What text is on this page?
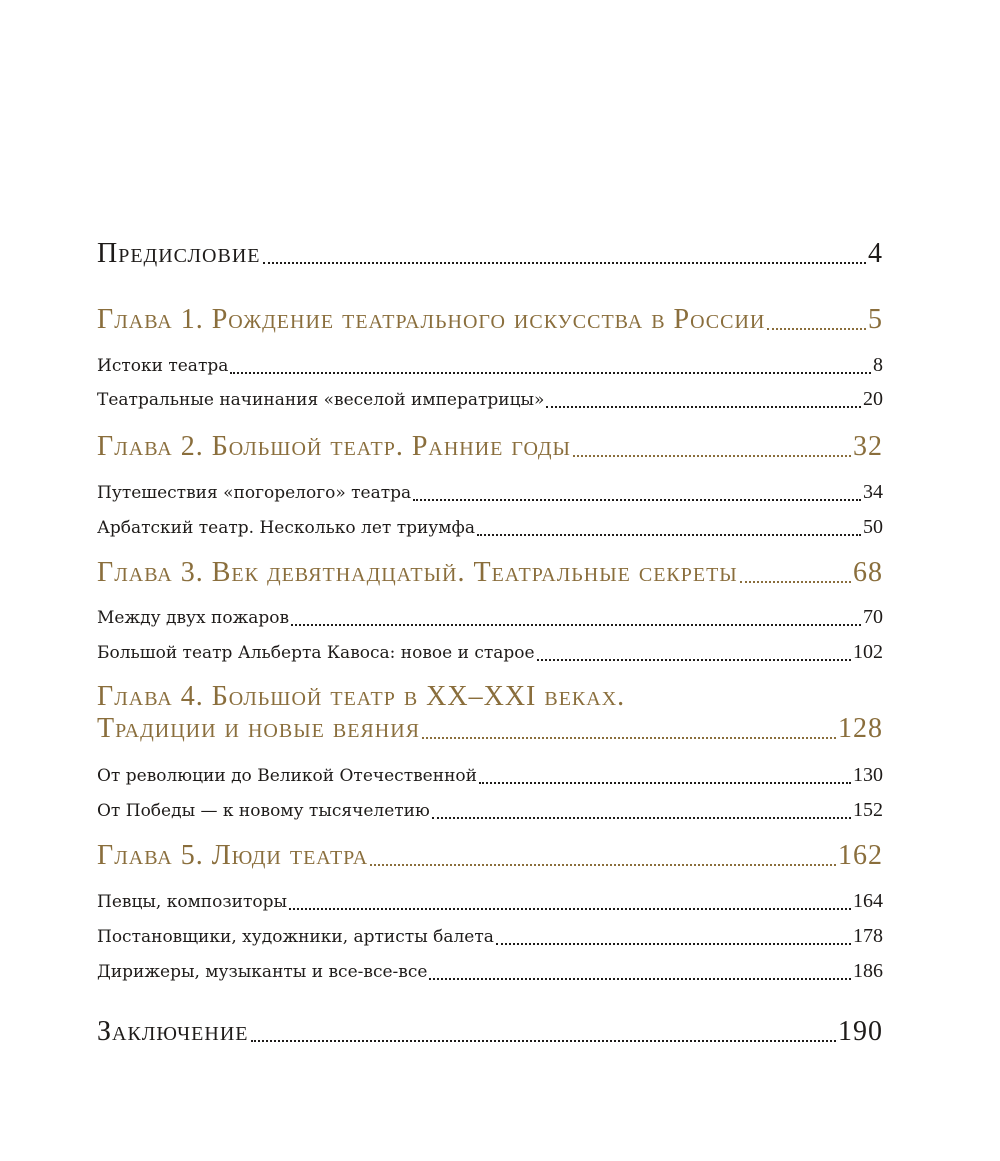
Предисловие	4
Глава 1. Рождение театрального искусства в России	5
Истоки театра	8
Театральные начинания «веселой императрицы»	20
Глава 2. Большой театр. Ранние годы	32
Путешествия «погорелого» театра	34
Арбатский театр. Несколько лет триумфа	50
Глава 3. Век девятнадцатый. Театральные секреты	68
Между двух пожаров	70
Большой театр Альберта Кавоса: новое и старое	102
Глава 4. Большой театр в XX–XXI веках.
Традиции и новые веяния	128
От революции до Великой Отечественной	130
От Победы — к новому тысячелетию	152
Глава 5. Люди театра	162
Певцы, композиторы	164
Постановщики, художники, артисты балета	178
Дирижеры, музыканты и все-все-все	186
Заключение	190
